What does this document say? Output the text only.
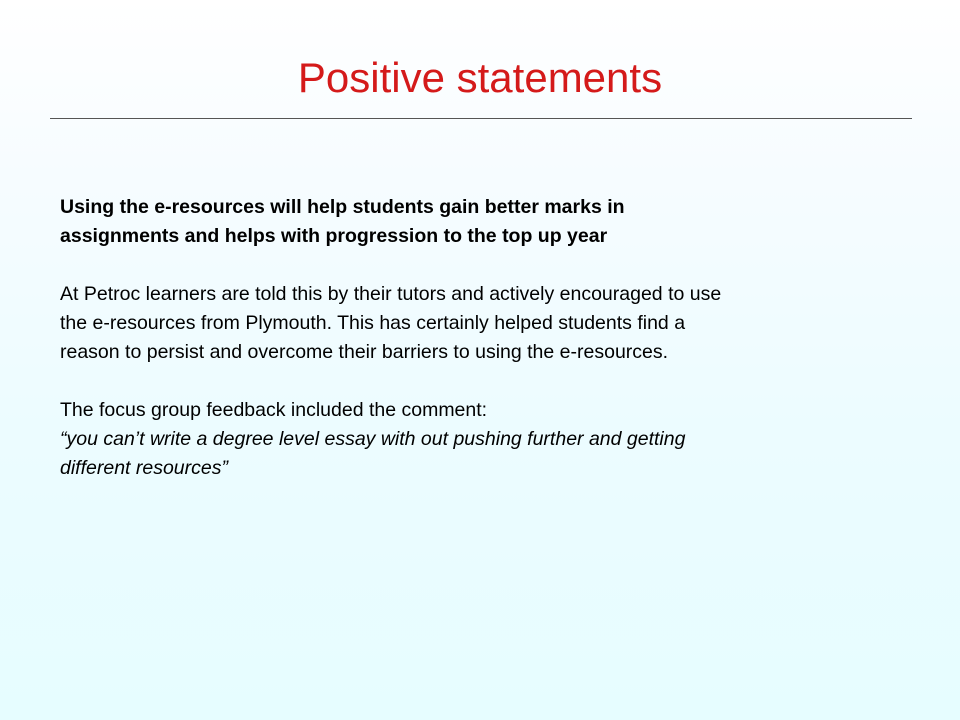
Positive statements

Using the e-resources will help students gain better marks in
assignments and helps with progression to the top up year

At Petroc learners are told this by their tutors and actively encouraged to use
the e-resources from Plymouth. This has certainly helped students find a
reason to persist and overcome their barriers to using the e-resources.

The focus group feedback included the comment:
“you can’t write a degree level essay with out pushing further and getting
different resources”
